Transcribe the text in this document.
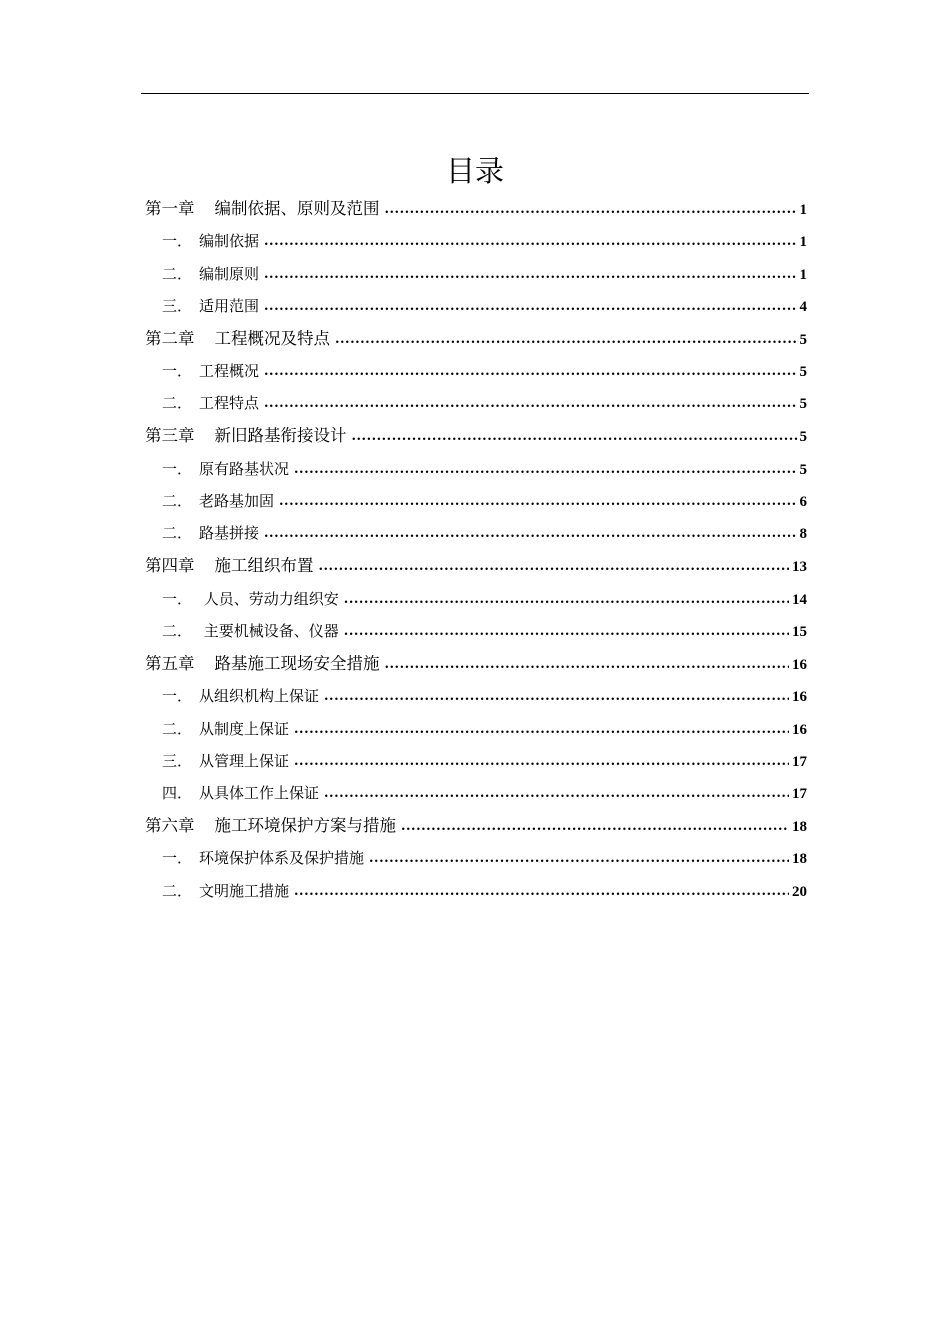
目录
第一章 编制依据、原则及范围 .....	1
一． 编制依据 .....	1
二． 编制原则 .....	1
三． 适用范围 .....	4
第二章 工程概况及特点 .....	5
一． 工程概况 .....	5
二． 工程特点 .....	5
第三章 新旧路基衔接设计 .....	5
一． 原有路基状况 .....	5
二． 老路基加固 .....	6
二． 路基拼接 .....	8
第四章 施工组织布置 .....	13
一． 人员、劳动力组织安 .....	14
二． 主要机械设备、仪器 .....	15
第五章 路基施工现场安全措施 .....	16
一． 从组织机构上保证 .....	16
二． 从制度上保证 .....	16
三． 从管理上保证 .....	17
四． 从具体工作上保证 .....	17
第六章 施工环境保护方案与措施 .....	18
一． 环境保护体系及保护措施 .....	18
二． 文明施工措施 .....	20
